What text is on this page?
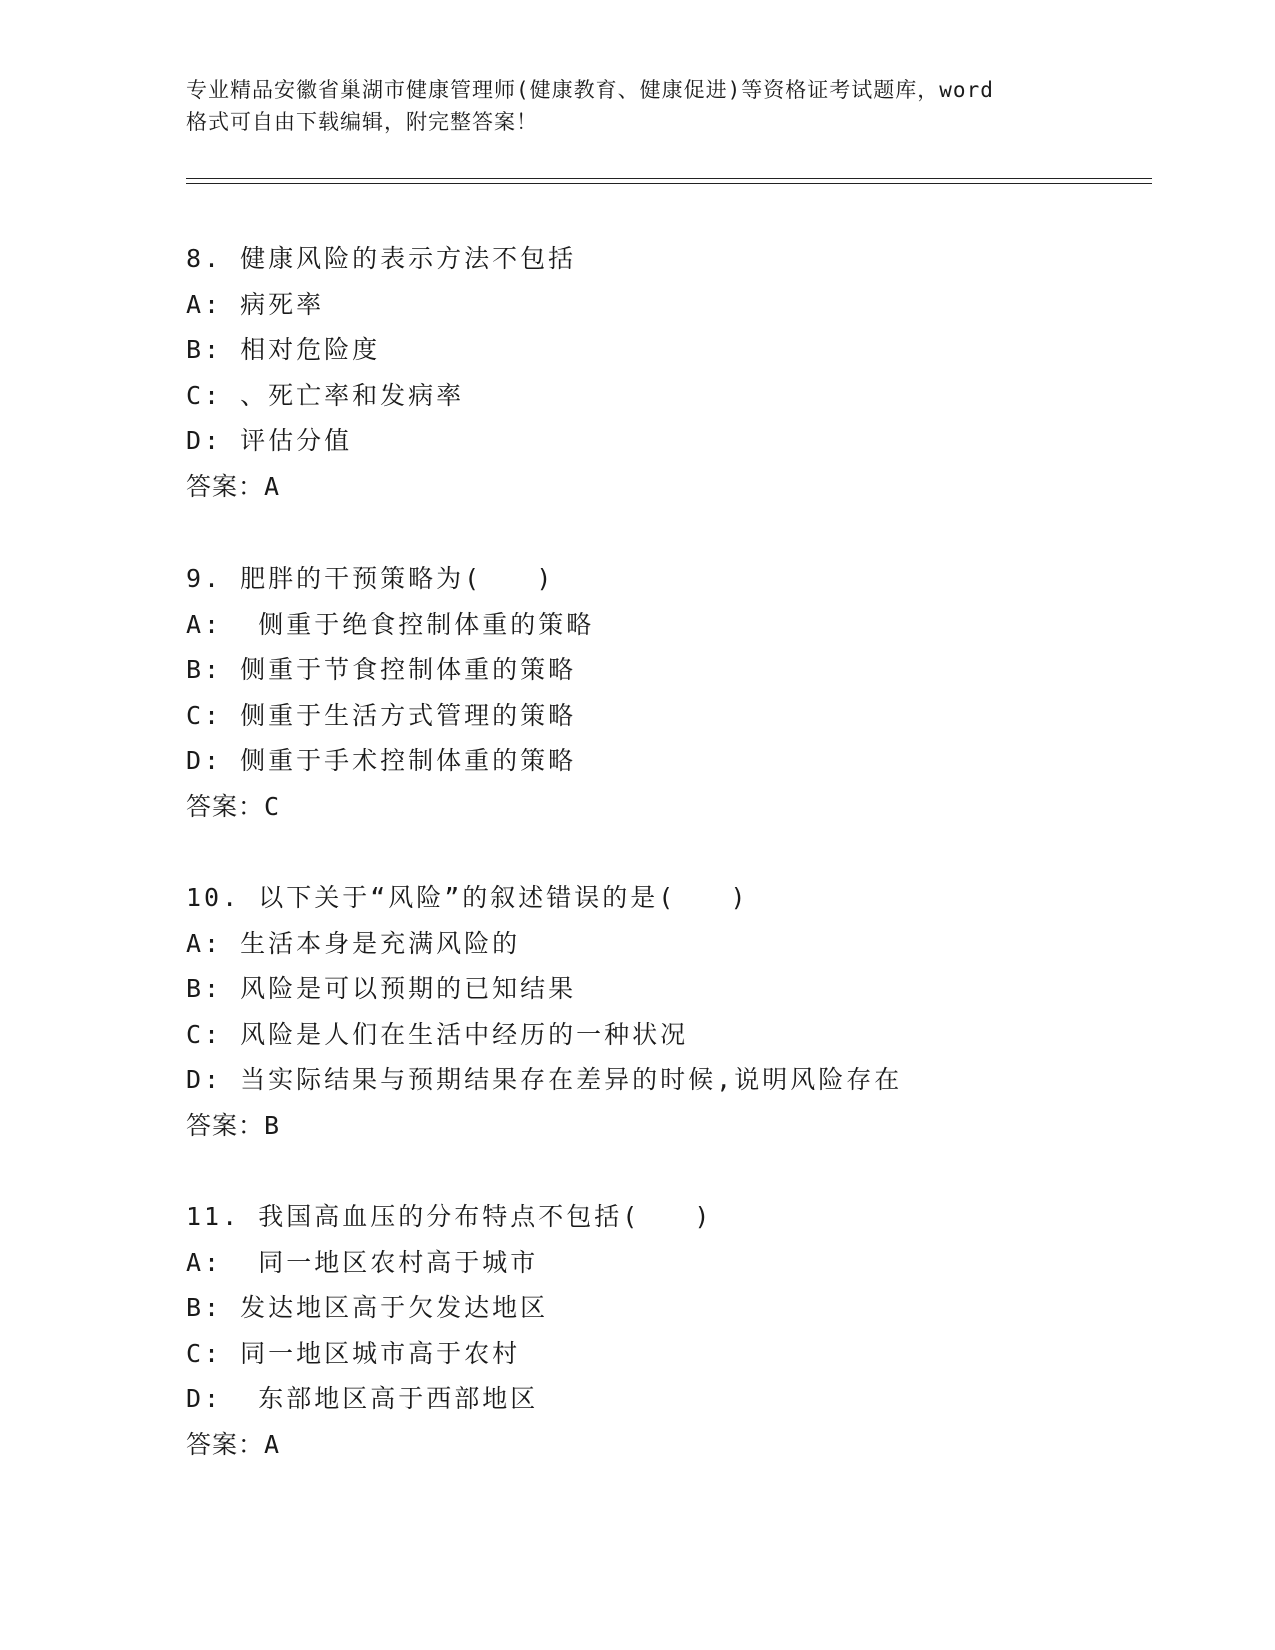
专业精品安徽省巢湖市健康管理师(健康教育、健康促进)等资格证考试题库，word
格式可自由下载编辑，附完整答案！
8. 健康风险的表示方法不包括
A: 病死率
B: 相对危险度
C: 、死亡率和发病率
D: 评估分值
答案：A
9. 肥胖的干预策略为(   )
A:  侧重于绝食控制体重的策略
B: 侧重于节食控制体重的策略
C: 侧重于生活方式管理的策略
D: 侧重于手术控制体重的策略
答案：C
10. 以下关于“风险”的叙述错误的是(   )
A: 生活本身是充满风险的
B: 风险是可以预期的已知结果
C: 风险是人们在生活中经历的一种状况
D: 当实际结果与预期结果存在差异的时候,说明风险存在
答案：B
11. 我国高血压的分布特点不包括(   )
A:  同一地区农村高于城市
B: 发达地区高于欠发达地区
C: 同一地区城市高于农村
D:  东部地区高于西部地区
答案：A
